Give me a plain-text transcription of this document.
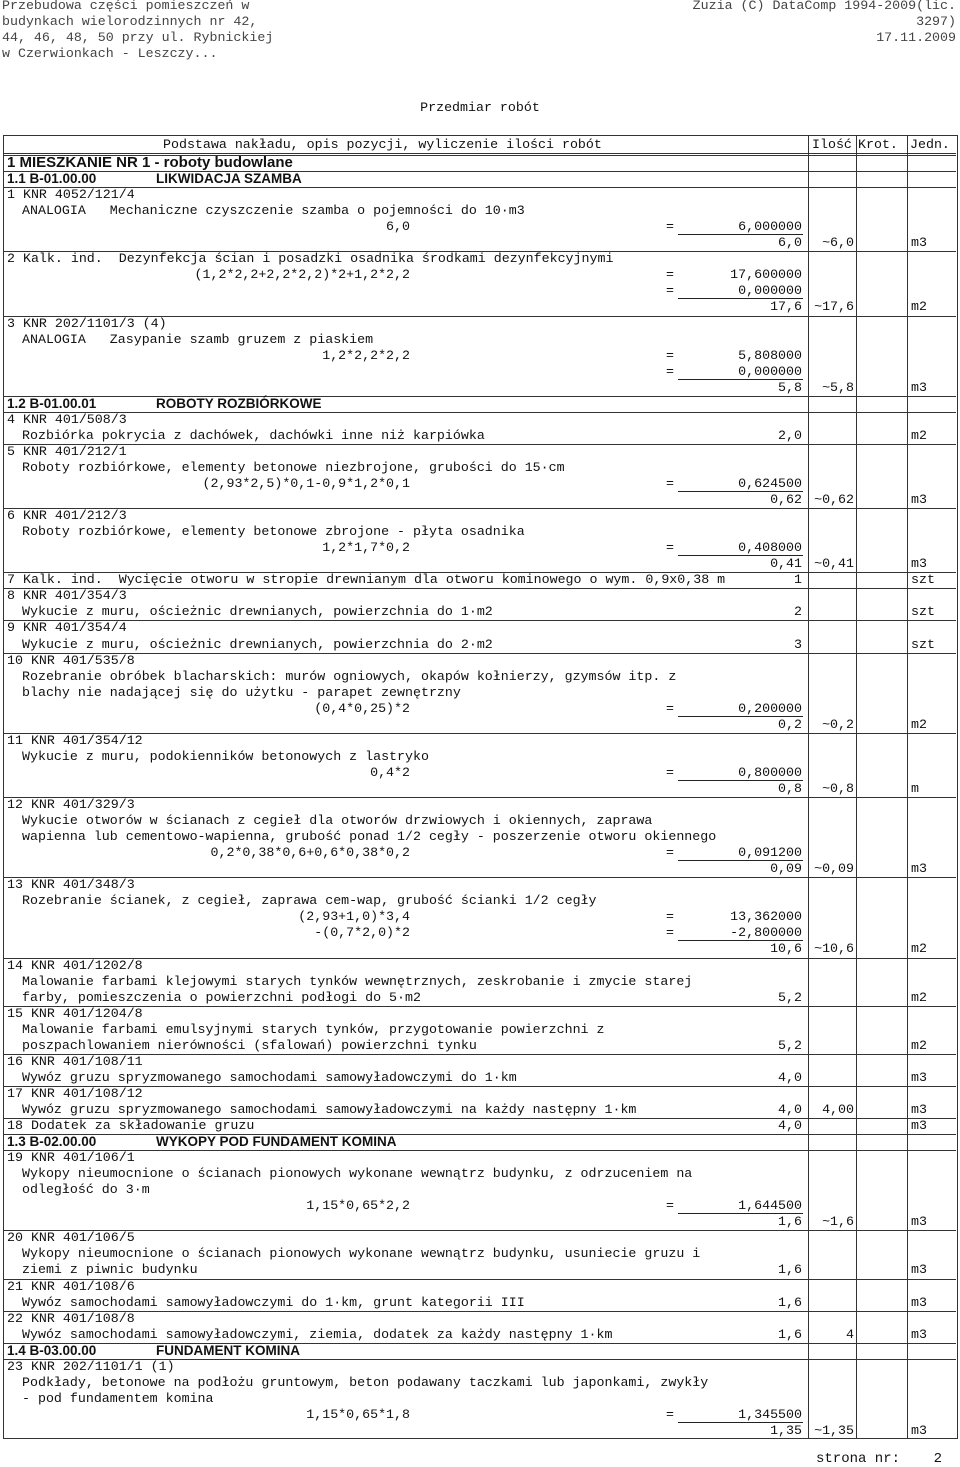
Przebudowa części pomieszczeń w
budynkach wielorodzinnych nr 42,
44, 46, 48, 50 przy ul. Rybnickiej
w Czerwionkach - Leszczy...
Zuzia (C) DataComp 1994-2009(lic.
3297)
17.11.2009
Przedmiar robót
Podstawa nakładu, opis pozycji, wyliczenie ilości robót	Ilość Krot. Jedn.
1 MIESZKANIE NR 1 - roboty budowlane
1.1 B-01.00.00	LIKWIDACJA SZAMBA
1 KNR 4052/121/4
ANALOGIA   Mechaniczne czyszczenie szamba o pojemności do 10·m3
6,0	=	6,000000
6,0	~6,0	m3
2 Kalk. ind.  Dezynfekcja ścian i posadzki osadnika środkami dezynfekcyjnymi
(1,2*2,2+2,2*2,2)*2+1,2*2,2	=	17,600000
=	0,000000
17,6 ~17,6	m2
3 KNR 202/1101/3 (4)
ANALOGIA   Zasypanie szamb gruzem z piaskiem
1,2*2,2*2,2	=	5,808000
=	0,000000
5,8	~5,8	m3
1.2 B-01.00.01	ROBOTY ROZBIÓRKOWE
4 KNR 401/508/3
Rozbiórka pokrycia z dachówek, dachówki inne niż karpiówka	2,0	m2
5 KNR 401/212/1
Roboty rozbiórkowe, elementy betonowe niezbrojone, grubości do 15·cm
(2,93*2,5)*0,1-0,9*1,2*0,1	=	0,624500
0,62 ~0,62	m3
6 KNR 401/212/3
Roboty rozbiórkowe, elementy betonowe zbrojone - płyta osadnika
1,2*1,7*0,2	=	0,408000
0,41 ~0,41	m3
7 Kalk. ind.  Wycięcie otworu w stropie drewnianym dla otworu kominowego o wym. 0,9x0,38 m	1	szt
8 KNR 401/354/3
Wykucie z muru, ościeżnic drewnianych, powierzchnia do 1·m2	2	szt
9 KNR 401/354/4
Wykucie z muru, ościeżnic drewnianych, powierzchnia do 2·m2	3	szt
10 KNR 401/535/8
Rozebranie obróbek blacharskich: murów ogniowych, okapów kołnierzy, gzymsów itp. z
blachy nie nadającej się do użytku - parapet zewnętrzny
(0,4*0,25)*2	=	0,200000
0,2	~0,2	m2
11 KNR 401/354/12
Wykucie z muru, podokienników betonowych z lastryko
0,4*2	=	0,800000
0,8	~0,8	m
12 KNR 401/329/3
Wykucie otworów w ścianach z cegieł dla otworów drzwiowych i okiennych, zaprawa
wapienna lub cementowo-wapienna, grubość ponad 1/2 cegły - poszerzenie otworu okiennego
0,2*0,38*0,6+0,6*0,38*0,2	=	0,091200
0,09 ~0,09	m3
13 KNR 401/348/3
Rozebranie ścianek, z cegieł, zaprawa cem-wap, grubość ścianki 1/2 cegły
(2,93+1,0)*3,4	=	13,362000
-(0,7*2,0)*2	=	-2,800000
10,6 ~10,6	m2
14 KNR 401/1202/8
Malowanie farbami klejowymi starych tynków wewnętrznych, zeskrobanie i zmycie starej
farby, pomieszczenia o powierzchni podłogi do 5·m2	5,2	m2
15 KNR 401/1204/8
Malowanie farbami emulsyjnymi starych tynków, przygotowanie powierzchni z
poszpachlowaniem nierówności (sfalowań) powierzchni tynku	5,2	m2
16 KNR 401/108/11
Wywóz gruzu spryzmowanego samochodami samowyładowczymi do 1·km	4,0	m3
17 KNR 401/108/12
Wywóz gruzu spryzmowanego samochodami samowyładowczymi na każdy następny 1·km	4,0	4,00	m3
18 Dodatek za składowanie gruzu	4,0	m3
1.3 B-02.00.00	WYKOPY POD FUNDAMENT KOMINA
19 KNR 401/106/1
Wykopy nieumocnione o ścianach pionowych wykonane wewnątrz budynku, z odrzuceniem na
odległość do 3·m
1,15*0,65*2,2	=	1,644500
1,6	~1,6	m3
20 KNR 401/106/5
Wykopy nieumocnione o ścianach pionowych wykonane wewnątrz budynku, usuniecie gruzu i
ziemi z piwnic budynku	1,6	m3
21 KNR 401/108/6
Wywóz samochodami samowyładowczymi do 1·km, grunt kategorii III	1,6	m3
22 KNR 401/108/8
Wywóz samochodami samowyładowczymi, ziemia, dodatek za każdy następny 1·km	1,6	4	m3
1.4 B-03.00.00	FUNDAMENT KOMINA
23 KNR 202/1101/1 (1)
Podkłady, betonowe na podłożu gruntowym, beton podawany taczkami lub japonkami, zwykły
- pod fundamentem komina
1,15*0,65*1,8	=	1,345500
1,35 ~1,35	m3
strona nr: 2
